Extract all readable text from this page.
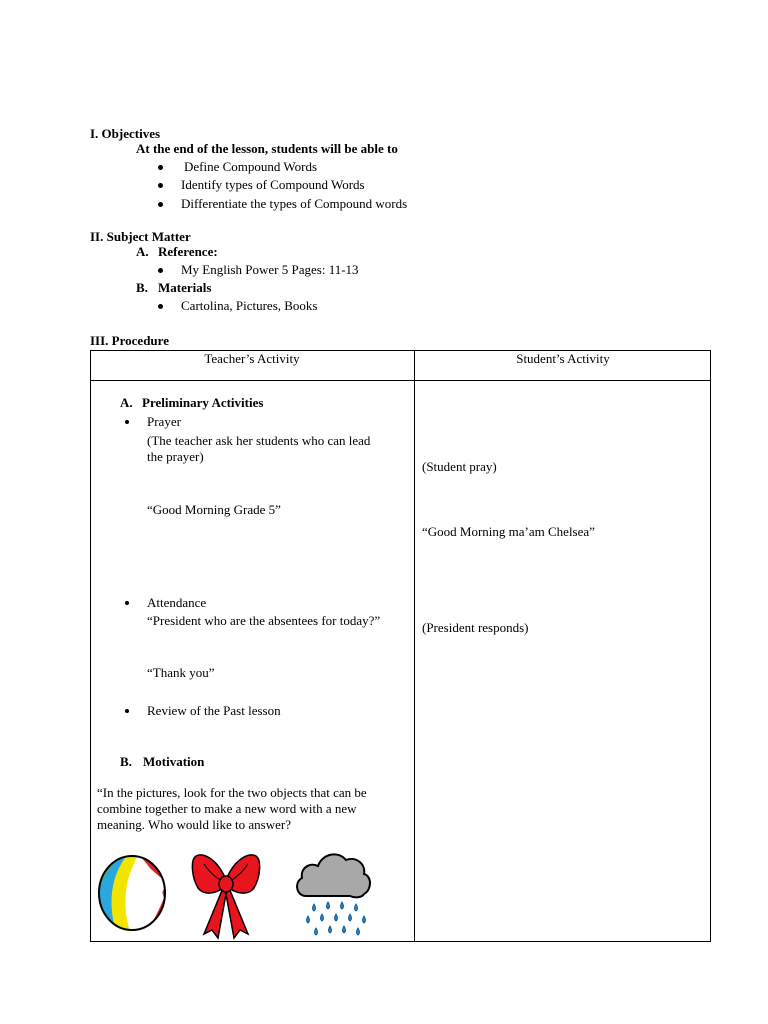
I. Objectives
At the end of the lesson, students will be able to
Define Compound Words
Identify types of Compound Words
Differentiate the types of Compound words
II. Subject Matter
A. Reference:
My English Power 5 Pages: 11-13
B. Materials
Cartolina, Pictures, Books
III. Procedure
Teacher’s Activity	Student’s Activity
A. Preliminary Activities
Prayer
(The teacher ask her students who can lead the prayer)
“Good Morning Grade 5”
Attendance
“President who are the absentees for today?”
“Thank you”
Review of the Past lesson
B. Motivation
“In the pictures, look for the two objects that can be combine together to make a new word with a new meaning. Who would like to answer?
(Student pray)
“Good Morning ma’am Chelsea”
(President responds)
